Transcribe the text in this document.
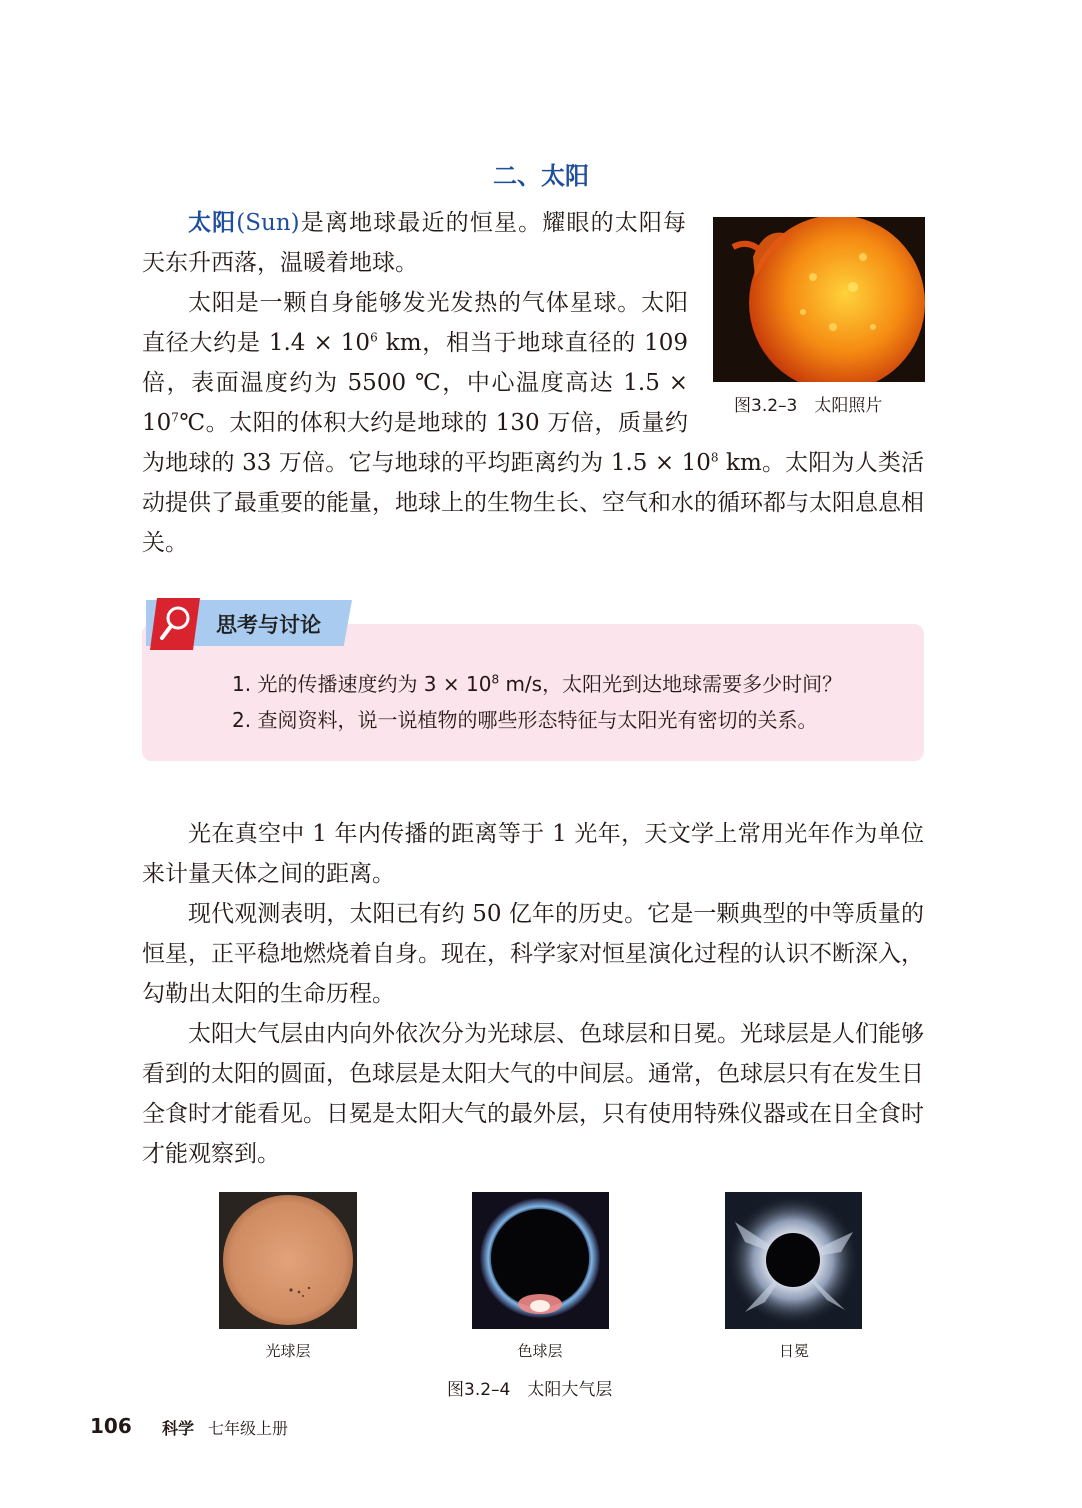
二、太阳
图3.2–3　太阳照片

太阳(Sun)是离地球最近的恒星。耀眼的太阳每天东升西落，温暖着地球。

太阳是一颗自身能够发光发热的气体星球。太阳直径大约是 $1.4 \times 10^6$ km，相当于地球直径的 109 倍，表面温度约为 5500 ℃，中心温度高达 $1.5 \times 10^7℃$。太阳的体积大约是地球的 130 万倍，质量约为地球的 33 万倍。它与地球的平均距离约为 $1.5 \times 10^8$ km。太阳为人类活动提供了最重要的能量，地球上的生物生长、空气和水的循环都与太阳息息相关。

思考与讨论
1. 光的传播速度约为 $3 \times 10^8$ m/s，太阳光到达地球需要多少时间？
2. 查阅资料，说一说植物的哪些形态特征与太阳光有密切的关系。

光在真空中 1 年内传播的距离等于 1 光年，天文学上常用光年作为单位来计量天体之间的距离。

现代观测表明，太阳已有约 50 亿年的历史。它是一颗典型的中等质量的恒星，正平稳地燃烧着自身。现在，科学家对恒星演化过程的认识不断深入，勾勒出太阳的生命历程。

太阳大气层由内向外依次分为光球层、色球层和日冕。光球层是人们能够看到的太阳的圆面，色球层是太阳大气的中间层。通常，色球层只有在发生日全食时才能看见。日冕是太阳大气的最外层，只有使用特殊仪器或在日全食时才能观察到。

光球层	色球层	日冕
图3.2–4　太阳大气层
106 科学 七年级上册
